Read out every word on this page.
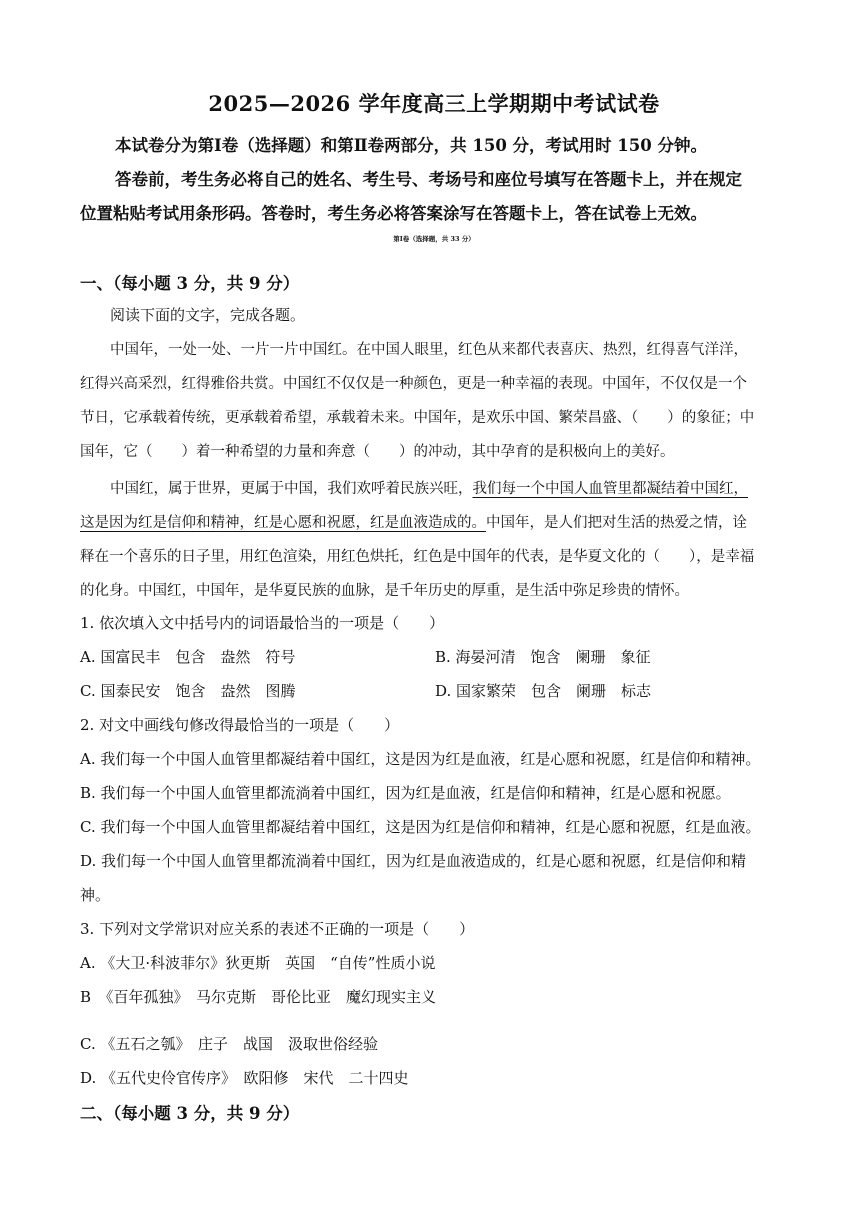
2025—2026 学年度高三上学期期中考试试卷
本试卷分为第Ⅰ卷（选择题）和第Ⅱ卷两部分，共 150 分，考试用时 150 分钟。
答卷前，考生务必将自己的姓名、考生号、考场号和座位号填写在答题卡上，并在规定
位置粘贴考试用条形码。答卷时，考生务必将答案涂写在答题卡上，答在试卷上无效。
第Ⅰ卷（选择题，共 33 分）
一、（每小题 3 分，共 9 分）
阅读下面的文字，完成各题。
中国年，一处一处、一片一片中国红。在中国人眼里，红色从来都代表喜庆、热烈，红得喜气洋洋，
红得兴高采烈，红得雅俗共赏。中国红不仅仅是一种颜色，更是一种幸福的表现。中国年，不仅仅是一个
节日，它承载着传统，更承载着希望，承载着未来。中国年，是欢乐中国、繁荣昌盛、（　　）的象征；中
国年，它（　　）着一种希望的力量和奔意（　　）的冲动，其中孕育的是积极向上的美好。
中国红，属于世界，更属于中国，我们欢呼着民族兴旺，我们每一个中国人血管里都凝结着中国红，
这是因为红是信仰和精神，红是心愿和祝愿，红是血液造成的。中国年，是人们把对生活的热爱之情，诠
释在一个喜乐的日子里，用红色渲染，用红色烘托，红色是中国年的代表，是华夏文化的（　　），是幸福
的化身。中国红，中国年，是华夏民族的血脉，是千年历史的厚重，是生活中弥足珍贵的情怀。
1. 依次填入文中括号内的词语最恰当的一项是（　　）
A. 国富民丰　包含　盎然　符号	B. 海晏河清　饱含　阑珊　象征
C. 国泰民安　饱含　盎然　图腾	D. 国家繁荣　包含　阑珊　标志
2. 对文中画线句修改得最恰当的一项是（　　）
A. 我们每一个中国人血管里都凝结着中国红，这是因为红是血液，红是心愿和祝愿，红是信仰和精神。
B. 我们每一个中国人血管里都流淌着中国红，因为红是血液，红是信仰和精神，红是心愿和祝愿。
C. 我们每一个中国人血管里都凝结着中国红，这是因为红是信仰和精神，红是心愿和祝愿，红是血液。
D. 我们每一个中国人血管里都流淌着中国红，因为红是血液造成的，红是心愿和祝愿，红是信仰和精
神。
3. 下列对文学常识对应关系的表述不正确的一项是（　　）
A. 《大卫·科波菲尔》狄更斯　英国　“自传”性质小说
B　《百年孤独》　马尔克斯　哥伦比亚　魔幻现实主义
C. 《五石之瓠》　庄子　战国　汲取世俗经验
D. 《五代史伶官传序》　欧阳修　宋代　二十四史
二、（每小题 3 分，共 9 分）
